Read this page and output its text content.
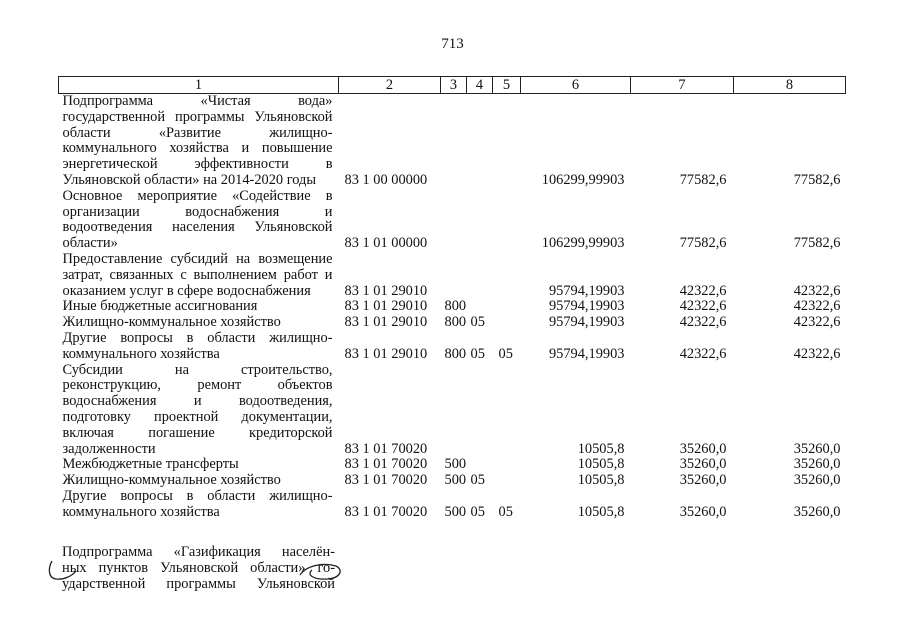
713
1	2	3	4	5	6	7	8
Подпрограмма «Чистая вода» государственной программы Ульяновской области «Развитие жилищно-коммунального хозяйства и повышение энергетической эффективности в Ульяновской области» на 2014-2020 годы	83 1 00 00000				106299,99903	77582,6	77582,6
Основное мероприятие «Содействие в организации водоснабжения и водоотведения населения Ульяновской области»	83 1 01 00000				106299,99903	77582,6	77582,6
Предоставление субсидий на возмещение затрат, связанных с выполнением работ и оказанием услуг в сфере водоснабжения	83 1 01 29010				95794,19903	42322,6	42322,6
Иные бюджетные ассигнования	83 1 01 29010	800			95794,19903	42322,6	42322,6
Жилищно-коммунальное хозяйство	83 1 01 29010	800	05		95794,19903	42322,6	42322,6
Другие вопросы в области жилищно-коммунального хозяйства	83 1 01 29010	800	05	05	95794,19903	42322,6	42322,6
Субсидии на строительство, реконструкцию, ремонт объектов водоснабжения и водоотведения, подготовку проектной документации, включая погашение кредиторской задолженности	83 1 01 70020				10505,8	35260,0	35260,0
Межбюджетные трансферты	83 1 01 70020	500			10505,8	35260,0	35260,0
Жилищно-коммунальное хозяйство	83 1 01 70020	500	05		10505,8	35260,0	35260,0
Другие вопросы в области жилищно-коммунального хозяйства	83 1 01 70020	500	05	05	10505,8	35260,0	35260,0
Подпрограмма «Газификация населён-
ных пунктов Ульяновской области» го-
ударственной программы Ульяновской
